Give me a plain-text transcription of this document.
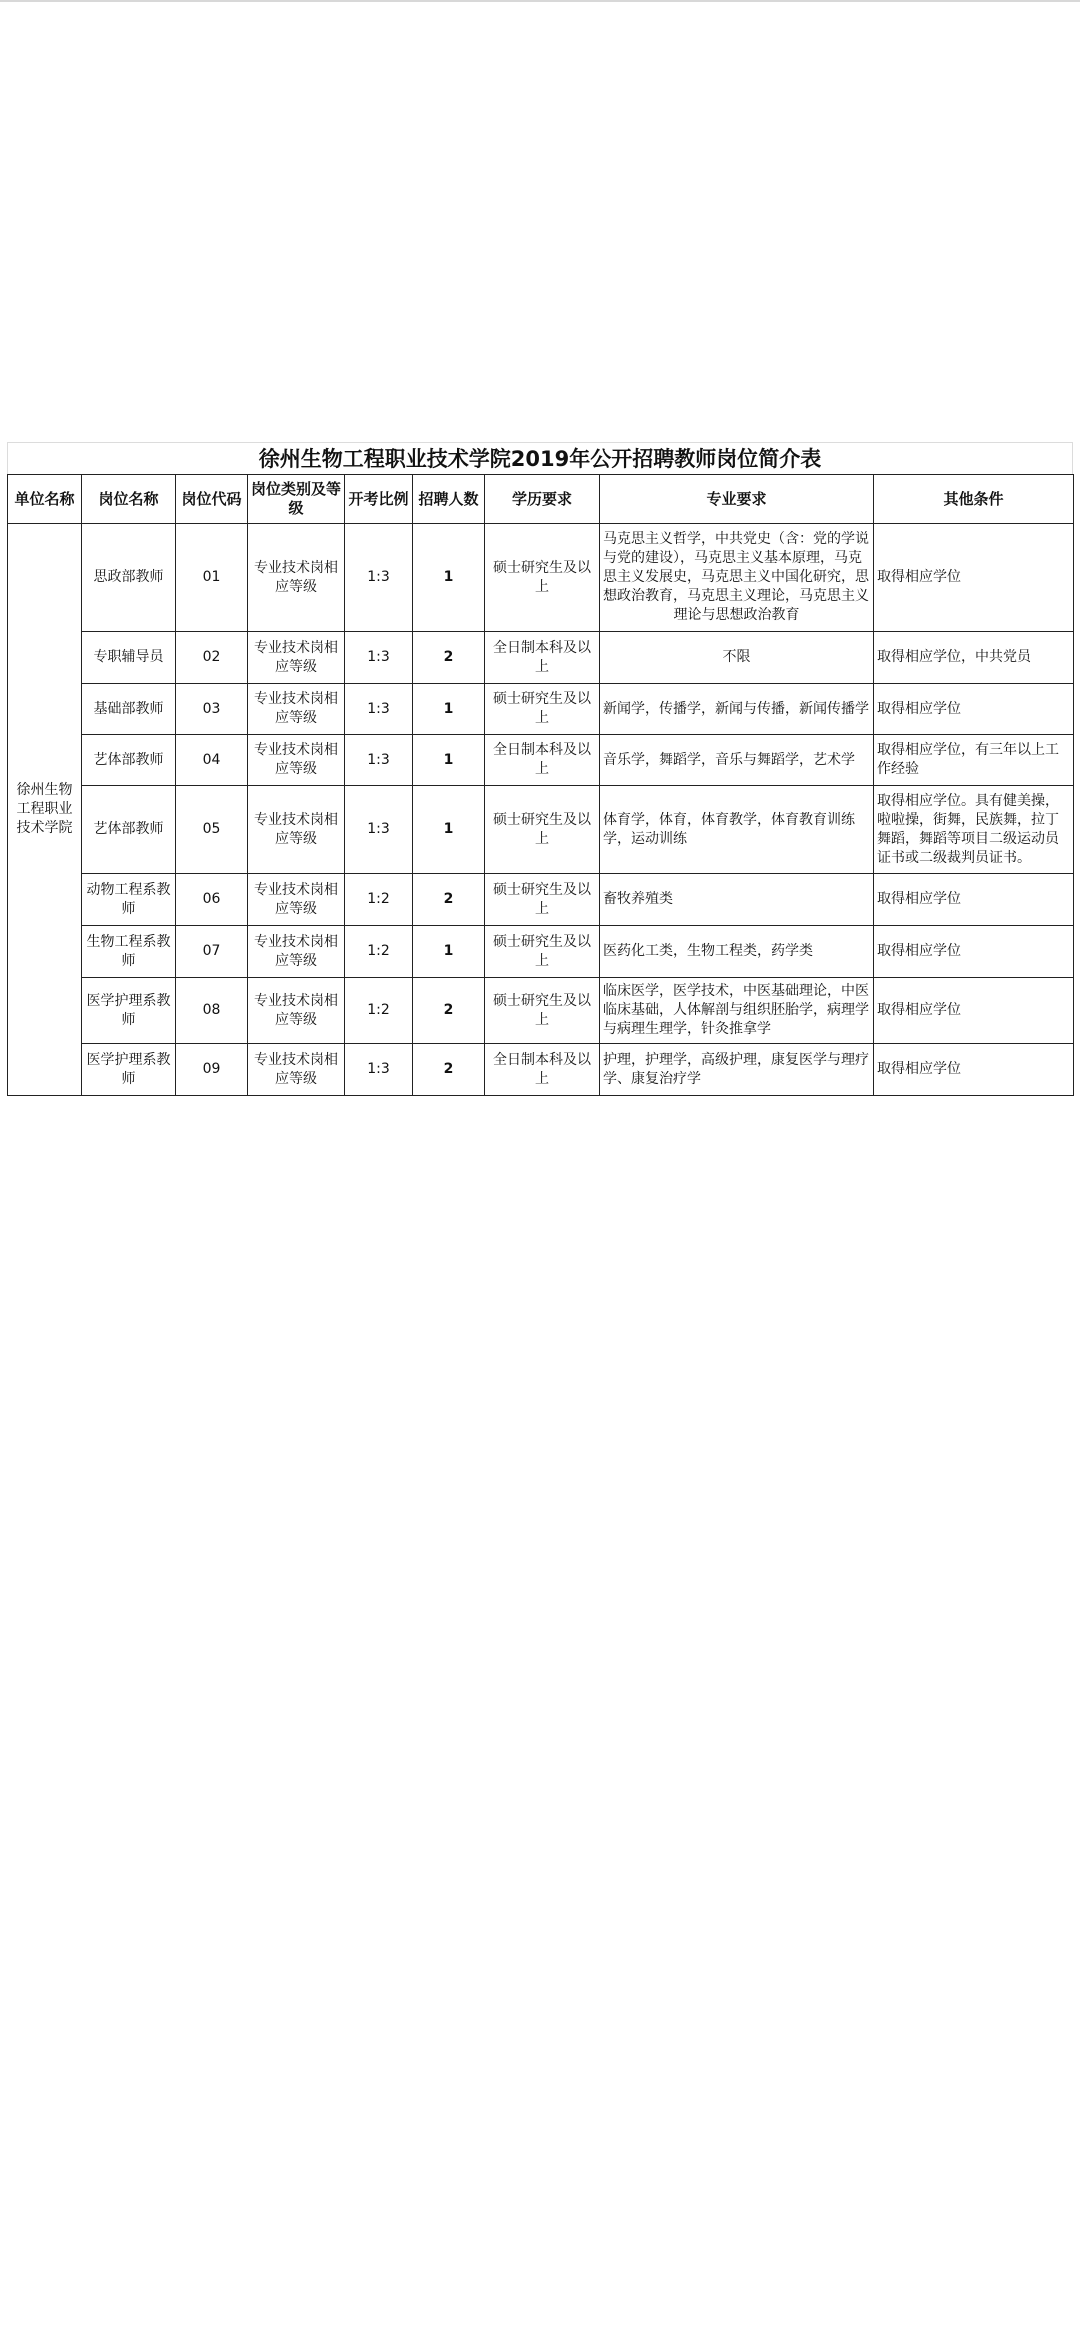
徐州生物工程职业技术学院2019年公开招聘教师岗位简介表
单位名称	岗位名称	岗位代码	岗位类别及等级	开考比例	招聘人数	学历要求	专业要求	其他条件
徐州生物工程职业技术学院	思政部教师	01	专业技术岗相应等级	1:3	1	硕士研究生及以上	马克思主义哲学，中共党史（含：党的学说与党的建设），马克思主义基本原理，马克思主义发展史，马克思主义中国化研究，思想政治教育，马克思主义理论，马克思主义理论与思想政治教育	取得相应学位
	专职辅导员	02	专业技术岗相应等级	1:3	2	全日制本科及以上	不限	取得相应学位，中共党员
	基础部教师	03	专业技术岗相应等级	1:3	1	硕士研究生及以上	新闻学，传播学，新闻与传播，新闻传播学	取得相应学位
	艺体部教师	04	专业技术岗相应等级	1:3	1	全日制本科及以上	音乐学，舞蹈学，音乐与舞蹈学，艺术学	取得相应学位，有三年以上工作经验
	艺体部教师	05	专业技术岗相应等级	1:3	1	硕士研究生及以上	体育学，体育，体育教学，体育教育训练学，运动训练	取得相应学位。具有健美操，啦啦操，街舞，民族舞，拉丁舞蹈，舞蹈等项目二级运动员证书或二级裁判员证书。
	动物工程系教师	06	专业技术岗相应等级	1:2	2	硕士研究生及以上	畜牧养殖类	取得相应学位
	生物工程系教师	07	专业技术岗相应等级	1:2	1	硕士研究生及以上	医药化工类，生物工程类，药学类	取得相应学位
	医学护理系教师	08	专业技术岗相应等级	1:2	2	硕士研究生及以上	临床医学，医学技术，中医基础理论，中医临床基础，人体解剖与组织胚胎学，病理学与病理生理学，针灸推拿学	取得相应学位
	医学护理系教师	09	专业技术岗相应等级	1:3	2	全日制本科及以上	护理，护理学，高级护理，康复医学与理疗学、康复治疗学	取得相应学位
